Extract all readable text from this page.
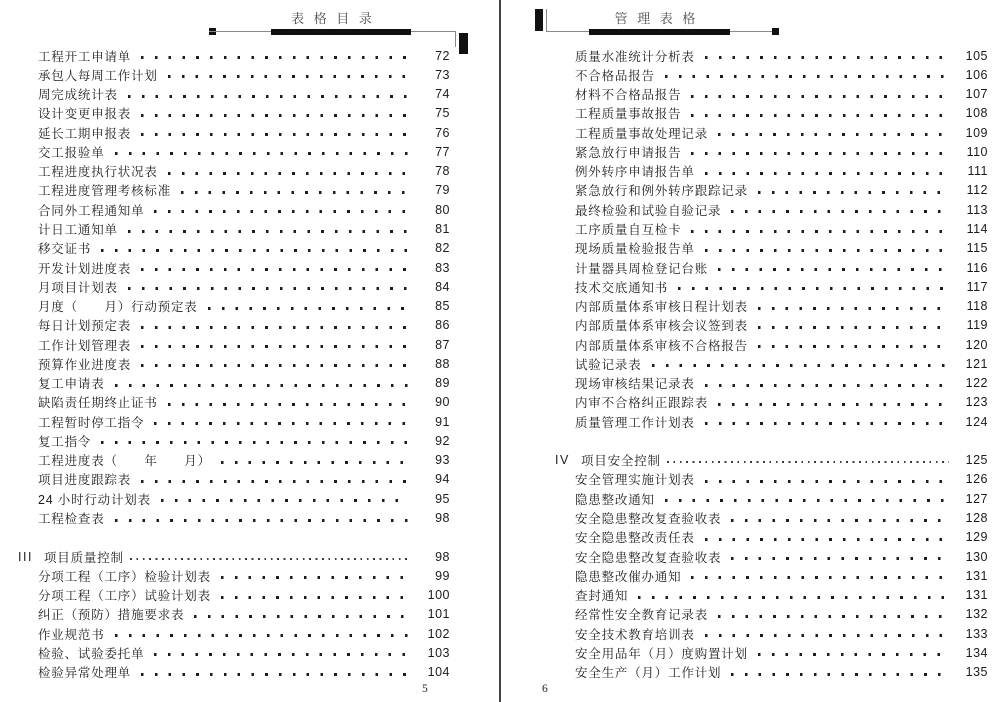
表 格 目 录	管 理 表 格
工程开工申请单	72
承包人每周工作计划	73
周完成统计表	74
设计变更申报表	75
延长工期申报表	76
交工报验单	77
工程进度执行状况表	78
工程进度管理考核标准	79
合同外工程通知单	80
计日工通知单	81
移交证书	82
开发计划进度表	83
月项目计划表	84
月度（　　月）行动预定表	85
每日计划预定表	86
工作计划管理表	87
预算作业进度表	88
复工申请表	89
缺陷责任期终止证书	90
工程暂时停工指令	91
复工指令	92
工程进度表（　　年　　月）	93
项目进度跟踪表	94
24 小时行动计划表	95
工程检查表	98
III 项目质量控制	98
分项工程（工序）检验计划表	99
分项工程（工序）试验计划表	100
纠正（预防）措施要求表	101
作业规范书	102
检验、试验委托单	103
检验异常处理单	104
质量水准统计分析表	105
不合格品报告	106
材料不合格品报告	107
工程质量事故报告	108
工程质量事故处理记录	109
紧急放行申请报告	110
例外转序申请报告单	111
紧急放行和例外转序跟踪记录	112
最终检验和试验自验记录	113
工序质量自互检卡	114
现场质量检验报告单	115
计量器具周检登记台账	116
技术交底通知书	117
内部质量体系审核日程计划表	118
内部质量体系审核会议签到表	119
内部质量体系审核不合格报告	120
试验记录表	121
现场审核结果记录表	122
内审不合格纠正跟踪表	123
质量管理工作计划表	124
IV 项目安全控制	125
安全管理实施计划表	126
隐患整改通知	127
安全隐患整改复查验收表	128
安全隐患整改责任表	129
安全隐患整改复查验收表	130
隐患整改催办通知	131
查封通知	131
经常性安全教育记录表	132
安全技术教育培训表	133
安全用品年（月）度购置计划	134
安全生产（月）工作计划	135
5	6
